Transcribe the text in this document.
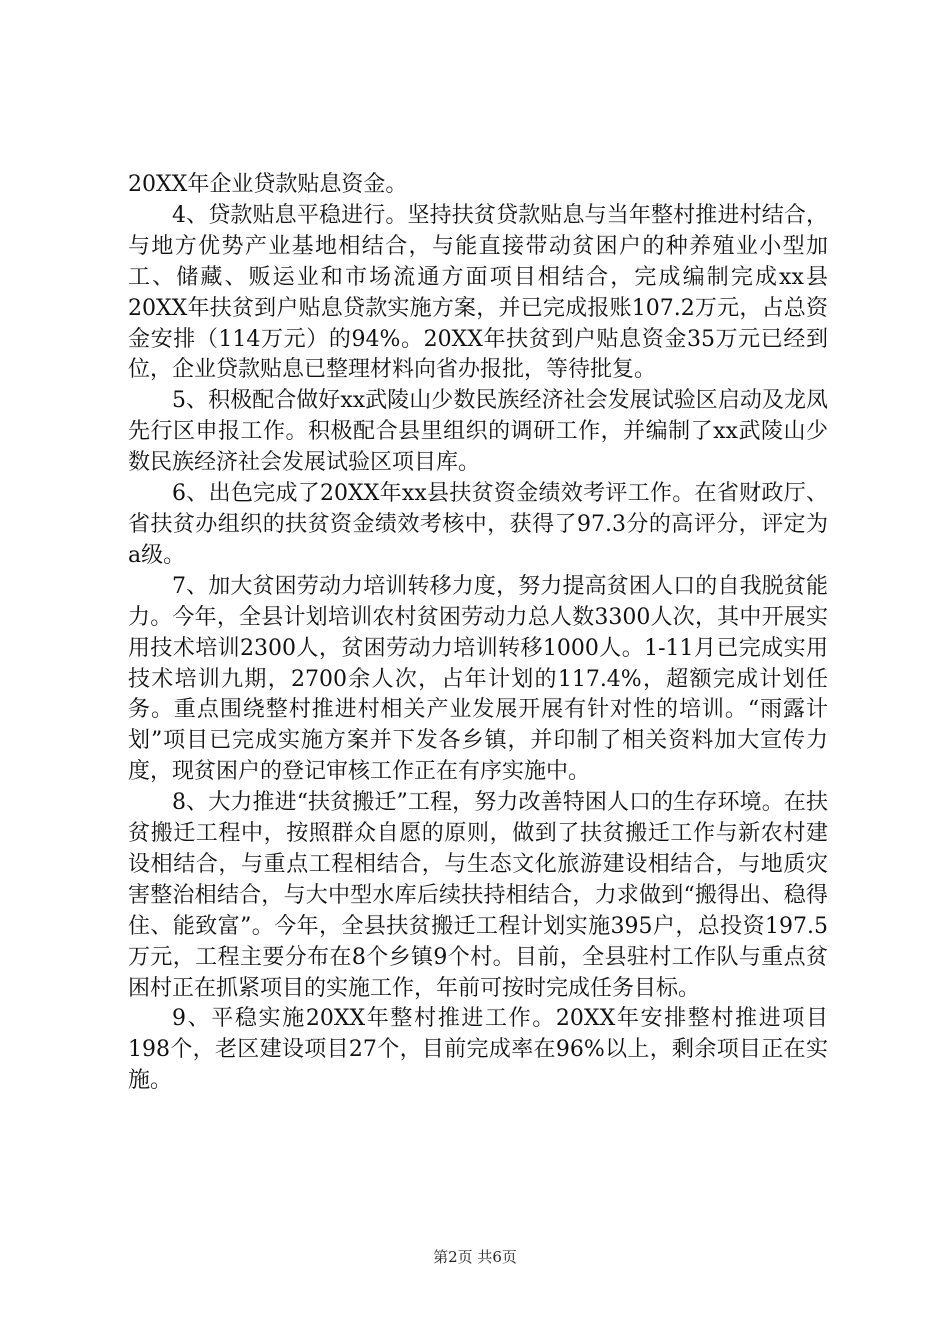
20XX年企业贷款贴息资金。

4、贷款贴息平稳进行。坚持扶贫贷款贴息与当年整村推进村结合，与地方优势产业基地相结合，与能直接带动贫困户的种养殖业小型加工、储藏、贩运业和市场流通方面项目相结合，完成编制完成xx县20XX年扶贫到户贴息贷款实施方案，并已完成报账107.2万元，占总资金安排（114万元）的94%。20XX年扶贫到户贴息资金35万元已经到位，企业贷款贴息已整理材料向省办报批，等待批复。

5、积极配合做好xx武陵山少数民族经济社会发展试验区启动及龙凤先行区申报工作。积极配合县里组织的调研工作，并编制了xx武陵山少数民族经济社会发展试验区项目库。

6、出色完成了20XX年xx县扶贫资金绩效考评工作。在省财政厅、省扶贫办组织的扶贫资金绩效考核中，获得了97.3分的高评分，评定为a级。

7、加大贫困劳动力培训转移力度，努力提高贫困人口的自我脱贫能力。今年，全县计划培训农村贫困劳动力总人数3300人次，其中开展实用技术培训2300人，贫困劳动力培训转移1000人。1-11月已完成实用技术培训九期，2700余人次，占年计划的117.4%，超额完成计划任务。重点围绕整村推进村相关产业发展开展有针对性的培训。“雨露计划”项目已完成实施方案并下发各乡镇，并印制了相关资料加大宣传力度，现贫困户的登记审核工作正在有序实施中。

8、大力推进“扶贫搬迁”工程，努力改善特困人口的生存环境。在扶贫搬迁工程中，按照群众自愿的原则，做到了扶贫搬迁工作与新农村建设相结合，与重点工程相结合，与生态文化旅游建设相结合，与地质灾害整治相结合，与大中型水库后续扶持相结合，力求做到“搬得出、稳得住、能致富”。今年，全县扶贫搬迁工程计划实施395户，总投资197.5万元，工程主要分布在8个乡镇9个村。目前，全县驻村工作队与重点贫困村正在抓紧项目的实施工作，年前可按时完成任务目标。

9、平稳实施20XX年整村推进工作。20XX年安排整村推进项目198个，老区建设项目27个，目前完成率在96%以上，剩余项目正在实施。

第2页 共6页
